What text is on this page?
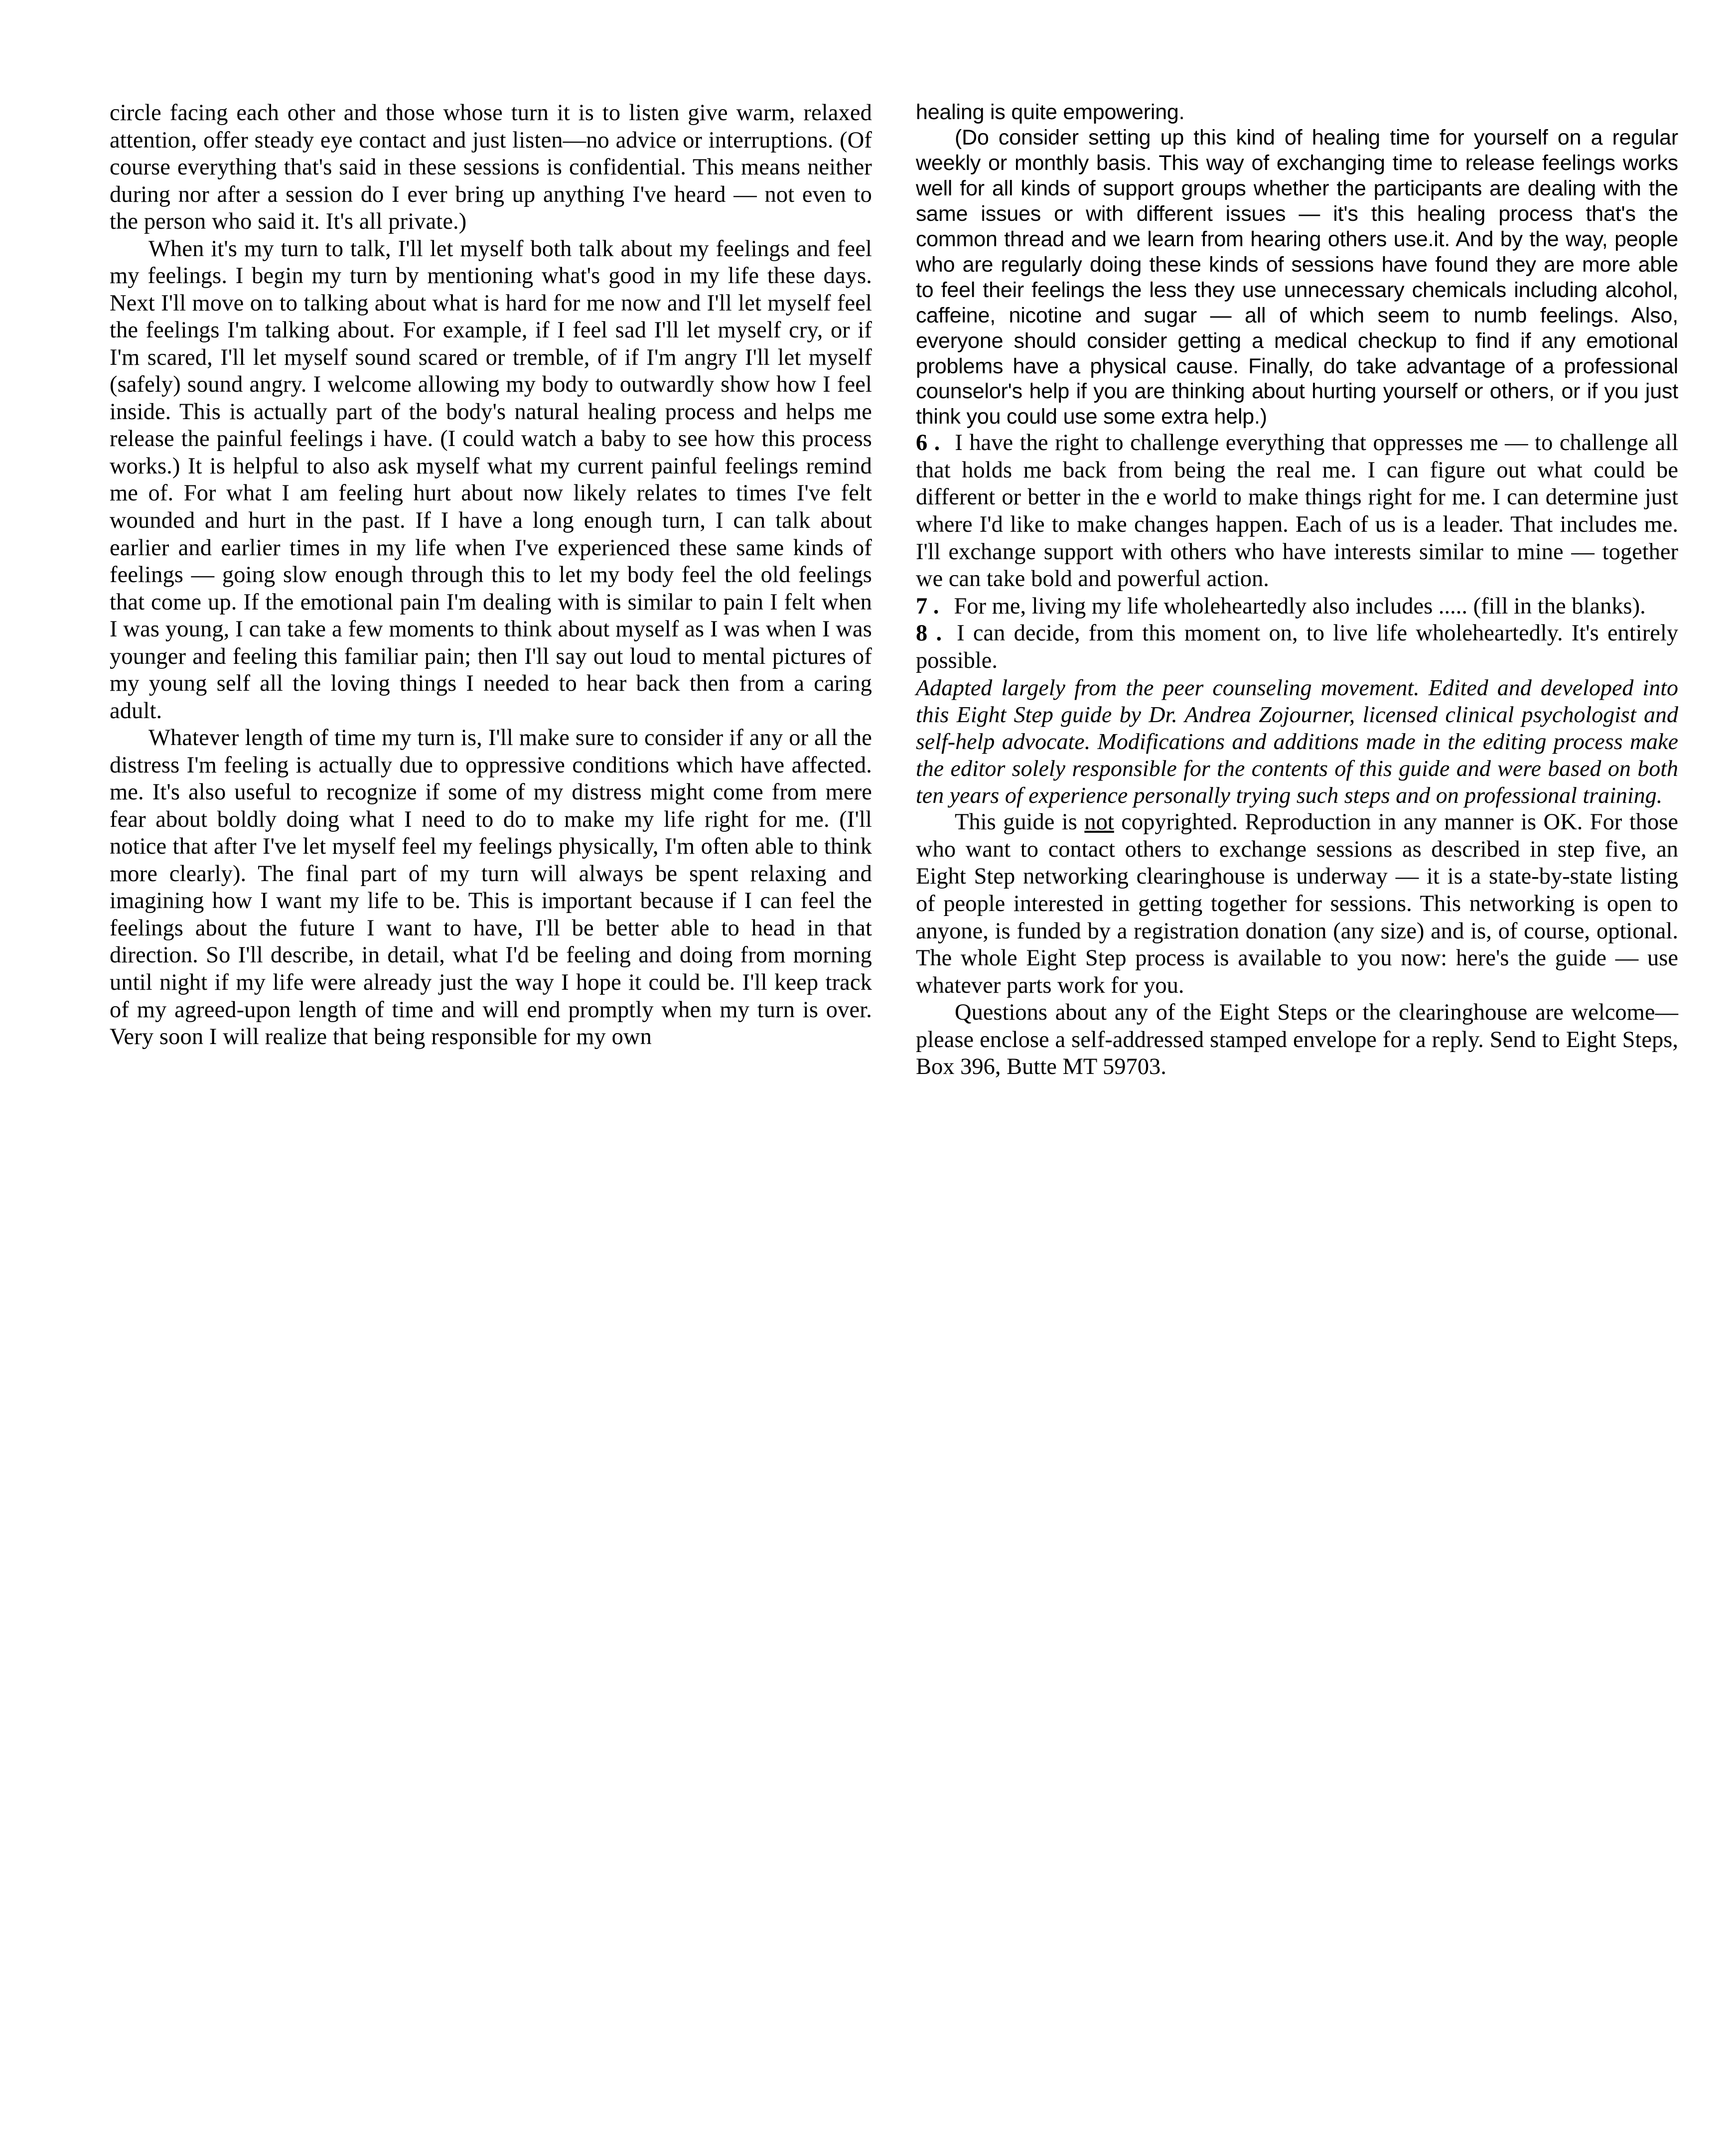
circle facing each other and those whose turn it is to listen give warm, relaxed attention, offer steady eye contact and just listen—no advice or interruptions. (Of course everything that's said in these sessions is confidential. This means neither during nor after a session do I ever bring up anything I've heard — not even to the person who said it. It's all private.)

When it's my turn to talk, I'll let myself both talk about my feelings and feel my feelings. I begin my turn by mentioning what's good in my life these days. Next I'll move on to talking about what is hard for me now and I'll let myself feel the feelings I'm talking about. For example, if I feel sad I'll let myself cry, or if I'm scared, I'll let myself sound scared or tremble, of if I'm angry I'll let myself (safely) sound angry. I welcome allowing my body to outwardly show how I feel inside. This is actually part of the body's natural healing process and helps me release the painful feelings i have. (I could watch a baby to see how this process works.) It is helpful to also ask myself what my current painful feelings remind me of. For what I am feeling hurt about now likely relates to times I've felt wounded and hurt in the past. If I have a long enough turn, I can talk about earlier and earlier times in my life when I've experienced these same kinds of feelings — going slow enough through this to let my body feel the old feelings that come up. If the emotional pain I'm dealing with is similar to pain I felt when I was young, I can take a few moments to think about myself as I was when I was younger and feeling this familiar pain; then I'll say out loud to mental pictures of my young self all the loving things I needed to hear back then from a caring adult.

Whatever length of time my turn is, I'll make sure to consider if any or all the distress I'm feeling is actually due to oppressive conditions which have affected. me. It's also useful to recognize if some of my distress might come from mere fear about boldly doing what I need to do to make my life right for me. (I'll notice that after I've let myself feel my feelings physically, I'm often able to think more clearly). The final part of my turn will always be spent relaxing and imagining how I want my life to be. This is important because if I can feel the feelings about the future I want to have, I'll be better able to head in that direction. So I'll describe, in detail, what I'd be feeling and doing from morning until night if my life were already just the way I hope it could be. I'll keep track of my agreed-upon length of time and will end promptly when my turn is over. Very soon I will realize that being responsible for my own

healing is quite empowering.

(Do consider setting up this kind of healing time for yourself on a regular weekly or monthly basis. This way of exchanging time to release feelings works well for all kinds of support groups whether the participants are dealing with the same issues or with different issues — it's this healing process that's the common thread and we learn from hearing others use.it. And by the way, people who are regularly doing these kinds of sessions have found they are more able to feel their feelings the less they use unnecessary chemicals including alcohol, caffeine, nicotine and sugar — all of which seem to numb feelings. Also, everyone should consider getting a medical checkup to find if any emotional problems have a physical cause. Finally, do take advantage of a professional counselor's help if you are thinking about hurting yourself or others, or if you just think you could use some extra help.)

6 . I have the right to challenge everything that oppresses me — to challenge all that holds me back from being the real me. I can figure out what could be different or better in the e world to make things right for me. I can determine just where I'd like to make changes happen. Each of us is a leader. That includes me. I'll exchange support with others who have interests similar to mine — together we can take bold and powerful action.

7 . For me, living my life wholeheartedly also includes ..... (fill in the blanks).

8 . I can decide, from this moment on, to live life wholeheartedly. It's entirely possible.

Adapted largely from the peer counseling movement. Edited and developed into this Eight Step guide by Dr. Andrea Zojourner, licensed clinical psychologist and self-help advocate. Modifications and additions made in the editing process make the editor solely responsible for the contents of this guide and were based on both ten years of experience personally trying such steps and on professional training.

This guide is not copyrighted. Reproduction in any manner is OK. For those who want to contact others to exchange sessions as described in step five, an Eight Step networking clearinghouse is underway — it is a state-by-state listing of people interested in getting together for sessions. This networking is open to anyone, is funded by a registration donation (any size) and is, of course, optional. The whole Eight Step process is available to you now: here's the guide — use whatever parts work for you.

Questions about any of the Eight Steps or the clearinghouse are welcome—please enclose a self-addressed stamped envelope for a reply. Send to Eight Steps, Box 396, Butte MT 59703.
